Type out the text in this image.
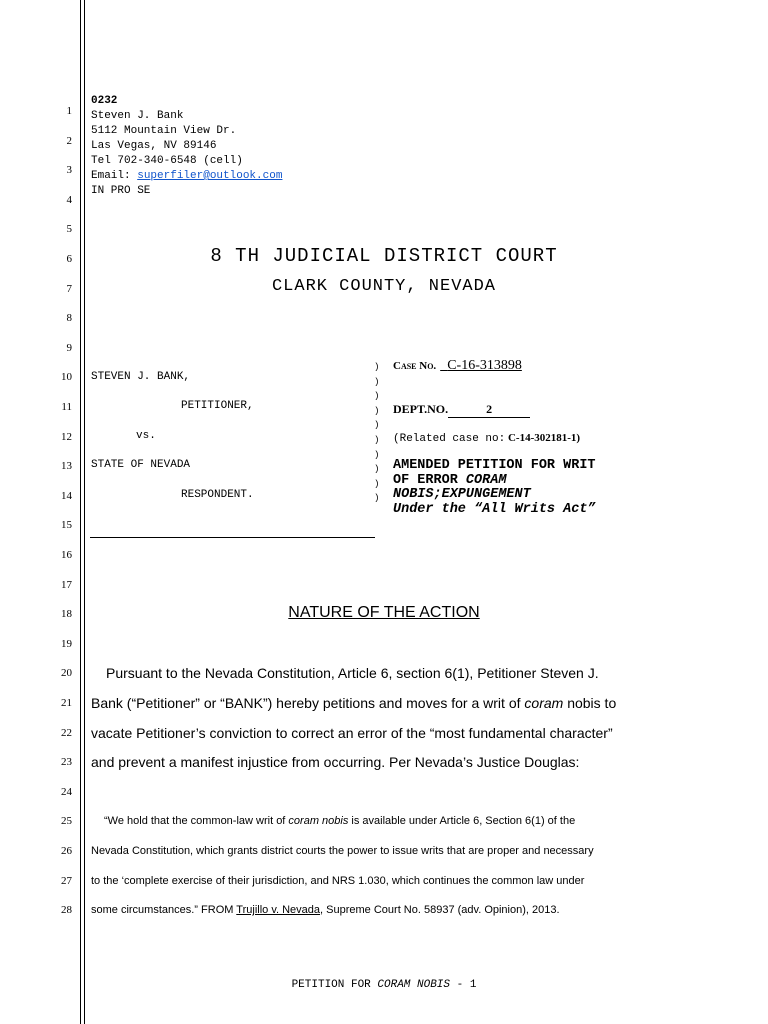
1
2
3
4
5
6
7
8
9
10
11
12
13
14
15
16
17
18
19
20
21
22
23
24
25
26
27
28
0232
Steven J. Bank
5112 Mountain View Dr.
Las Vegas, NV 89146
Tel 702-340-6548 (cell)
Email: superfiler@outlook.com
IN PRO SE
8 TH JUDICIAL DISTRICT COURT
CLARK COUNTY, NEVADA
STEVEN J. BANK,
PETITIONER,
vs.
STATE OF NEVADA
RESPONDENT.
)
)
)
)
)
)
)
)
)
)
Case No. C-16-313898
DEPT.NO.	2
(Related case no: C-14-302181-1)
AMENDED PETITION FOR WRIT
OF ERROR CORAM
NOBIS;EXPUNGEMENT
Under the “All Writs Act”
NATURE OF THE ACTION
Pursuant to the Nevada Constitution, Article 6, section 6(1), Petitioner Steven J.
Bank (“Petitioner” or “BANK”) hereby petitions and moves for a writ of coram nobis to
vacate Petitioner’s conviction to correct an error of the “most fundamental character”
and prevent a manifest injustice from occurring. Per Nevada’s Justice Douglas:
“We hold that the common-law writ of coram nobis is available under Article 6, Section 6(1) of the
Nevada Constitution, which grants district courts the power to issue writs that are proper and necessary
to the ‘complete exercise of their jurisdiction, and NRS 1.030, which continues the common law under
some circumstances.” FROM Trujillo v. Nevada, Supreme Court No. 58937 (adv. Opinion), 2013.
PETITION FOR CORAM NOBIS - 1
